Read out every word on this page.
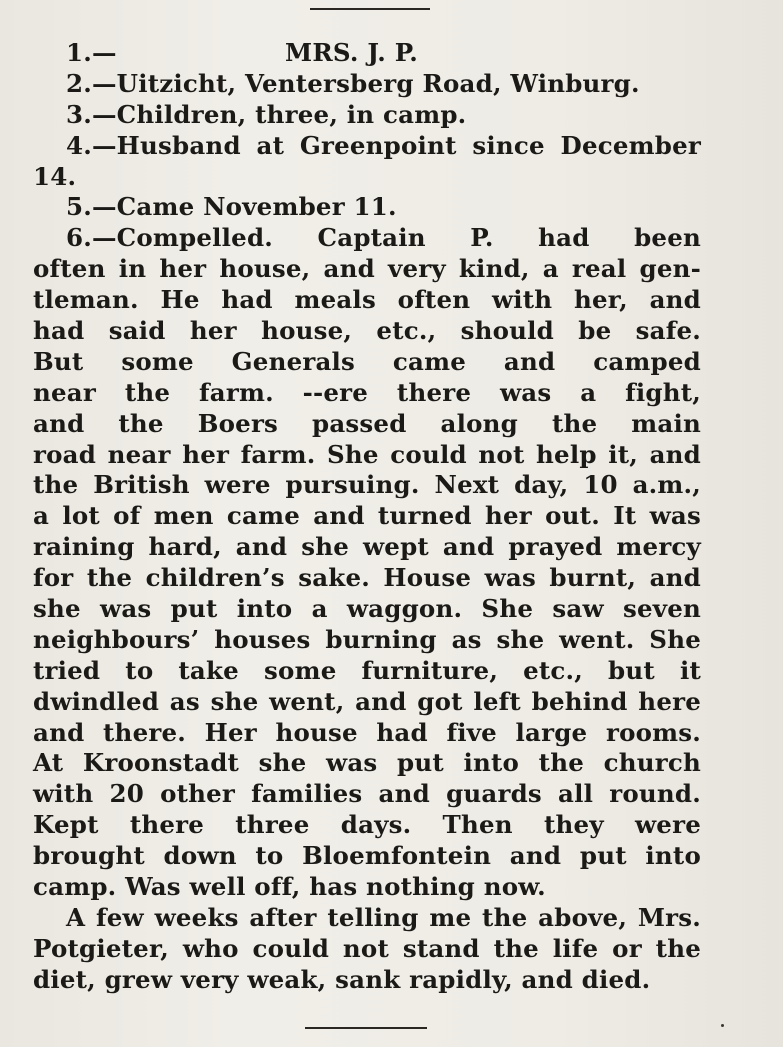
1.—	MRS. J. P.
2.—Uitzicht, Ventersberg Road, Winburg.
3.—Children, three, in camp.
4.—Husband at Greenpoint since December
14.
5.—Came November 11.
6.—Compelled. Captain P. had been
often in her house, and very kind, a real gen-
tleman. He had meals often with her, and
had said her house, etc., should be safe.
But some Generals came and camped
near the farm. --ere there was a fight,
and the Boers passed along the main
road near her farm. She could not help it, and
the British were pursuing. Next day, 10 a.m.,
a lot of men came and turned her out. It was
raining hard, and she wept and prayed mercy
for the children’s sake. House was burnt, and
she was put into a waggon. She saw seven
neighbours’ houses burning as she went. She
tried to take some furniture, etc., but it
dwindled as she went, and got left behind here
and there. Her house had five large rooms.
At Kroonstadt she was put into the church
with 20 other families and guards all round.
Kept there three days. Then they were
brought down to Bloemfontein and put into
camp. Was well off, has nothing now.
A few weeks after telling me the above, Mrs.
Potgieter, who could not stand the life or the
diet, grew very weak, sank rapidly, and died.
